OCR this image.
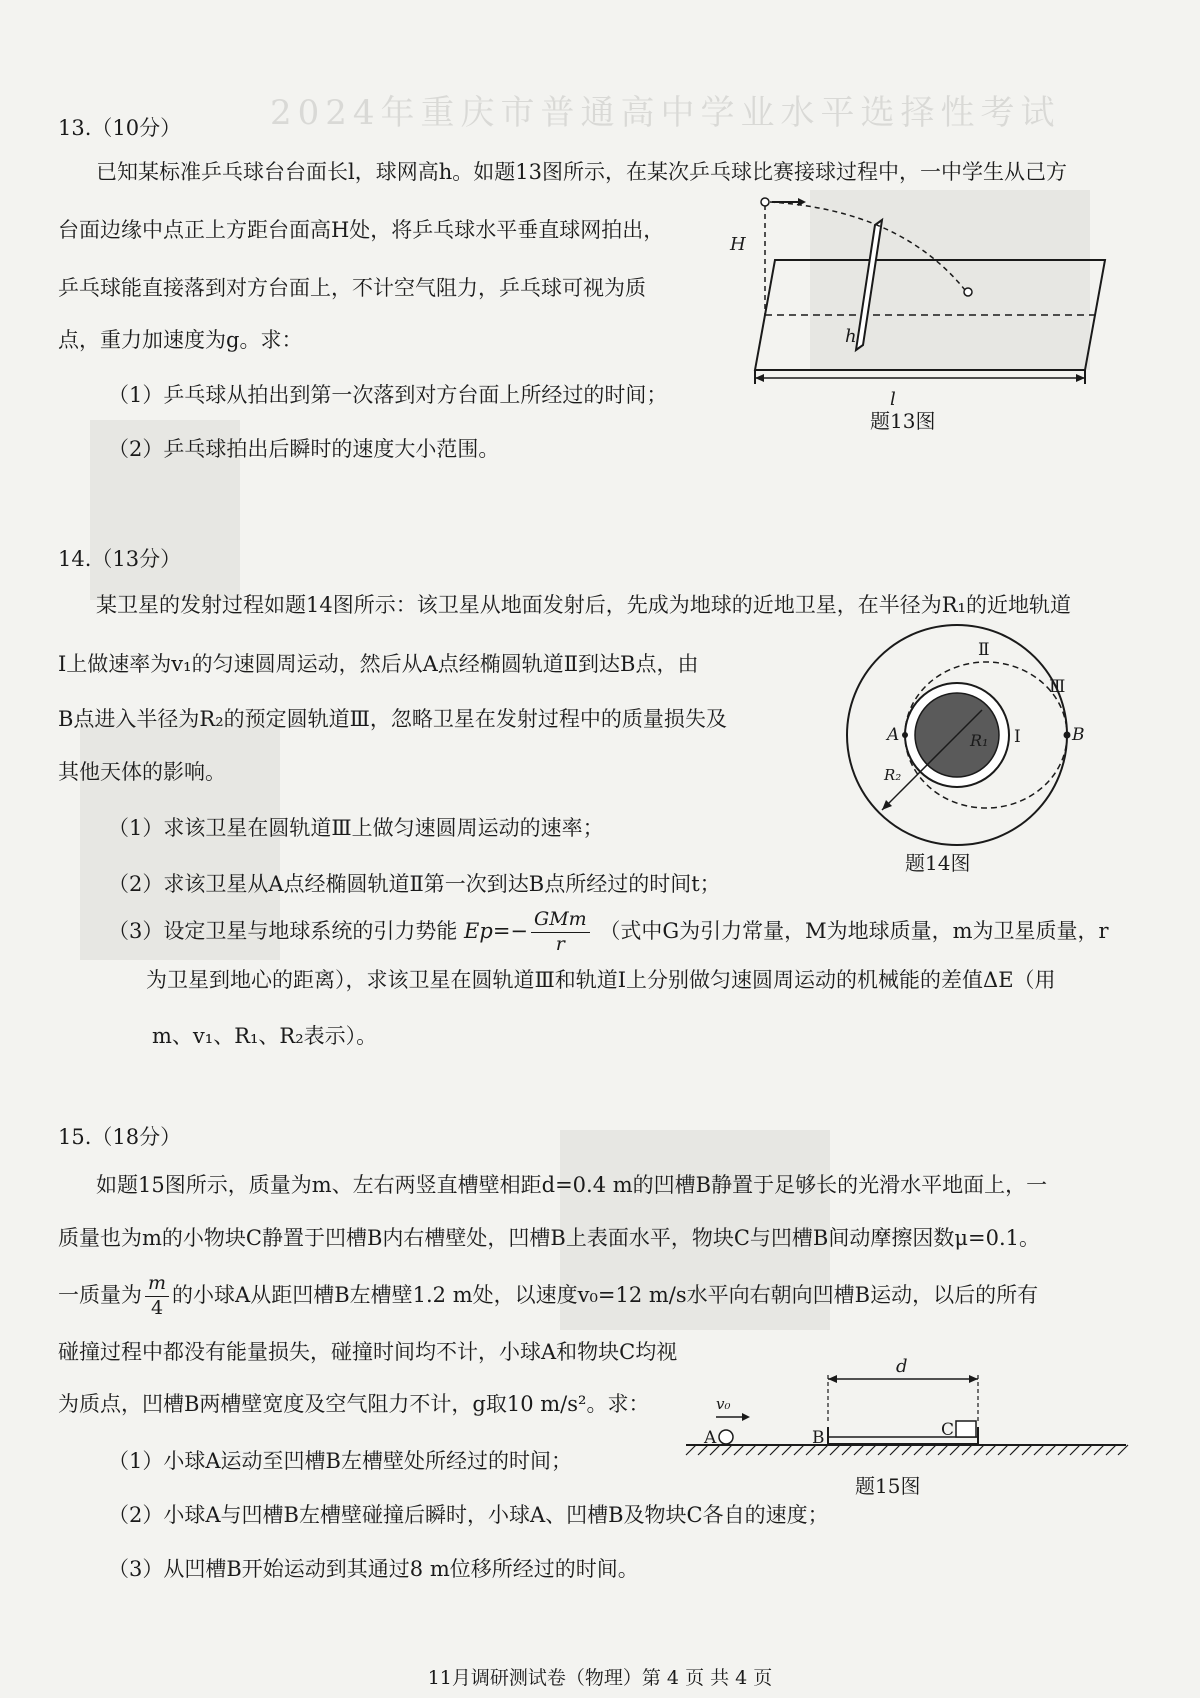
2024年重庆市普通高中学业水平选择性考试
13.（10分）
已知某标准乒乓球台台面长l，球网高h。如题13图所示，在某次乒乓球比赛接球过程中，一中学生从己方
台面边缘中点正上方距台面高H处，将乒乓球水平垂直球网拍出，
乒乓球能直接落到对方台面上，不计空气阻力，乒乓球可视为质
点，重力加速度为g。求：
（1）乒乓球从拍出到第一次落到对方台面上所经过的时间；
（2）乒乓球拍出后瞬时的速度大小范围。
H
h
l
题13图
14.（13分）
某卫星的发射过程如题14图所示：该卫星从地面发射后，先成为地球的近地卫星，在半径为R₁的近地轨道
Ⅰ上做速率为v₁的匀速圆周运动，然后从A点经椭圆轨道Ⅱ到达B点，由
B点进入半径为R₂的预定圆轨道Ⅲ，忽略卫星在发射过程中的质量损失及
其他天体的影响。
（1）求该卫星在圆轨道Ⅲ上做匀速圆周运动的速率；
（2）求该卫星从A点经椭圆轨道Ⅱ第一次到达B点所经过的时间t；
（3）设定卫星与地球系统的引力势能 $Ep=- \frac{\text{GMm}}{r}$ （式中G为引力常量，M为地球质量，m为卫星质量，r
为卫星到地心的距离），求该卫星在圆轨道Ⅲ和轨道Ⅰ上分别做匀速圆周运动的机械能的差值ΔE（用
m、v₁、R₁、R₂表示）。
A	B
R₁
R₂
Ⅰ
Ⅱ
Ⅲ
题14图
15.（18分）
如题15图所示，质量为m、左右两竖直槽壁相距d=0.4 m的凹槽B静置于足够长的光滑水平地面上，一
质量也为m的小物块C静置于凹槽B内右槽壁处，凹槽B上表面水平，物块C与凹槽B间动摩擦因数μ=0.1。
一质量为 $\frac{m}{4}$ 的小球A从距凹槽B左槽壁1.2 m处，以速度v₀=12 m/s水平向右朝向凹槽B运动，以后的所有
碰撞过程中都没有能量损失，碰撞时间均不计，小球A和物块C均视
为质点，凹槽B两槽壁宽度及空气阻力不计，g取10 m/s²。求：
（1）小球A运动至凹槽B左槽壁处所经过的时间；
（2）小球A与凹槽B左槽壁碰撞后瞬时，小球A、凹槽B及物块C各自的速度；
（3）从凹槽B开始运动到其通过8 m位移所经过的时间。
d
v₀
A	B	C
题15图
11月调研测试卷（物理）第 4 页 共 4 页
